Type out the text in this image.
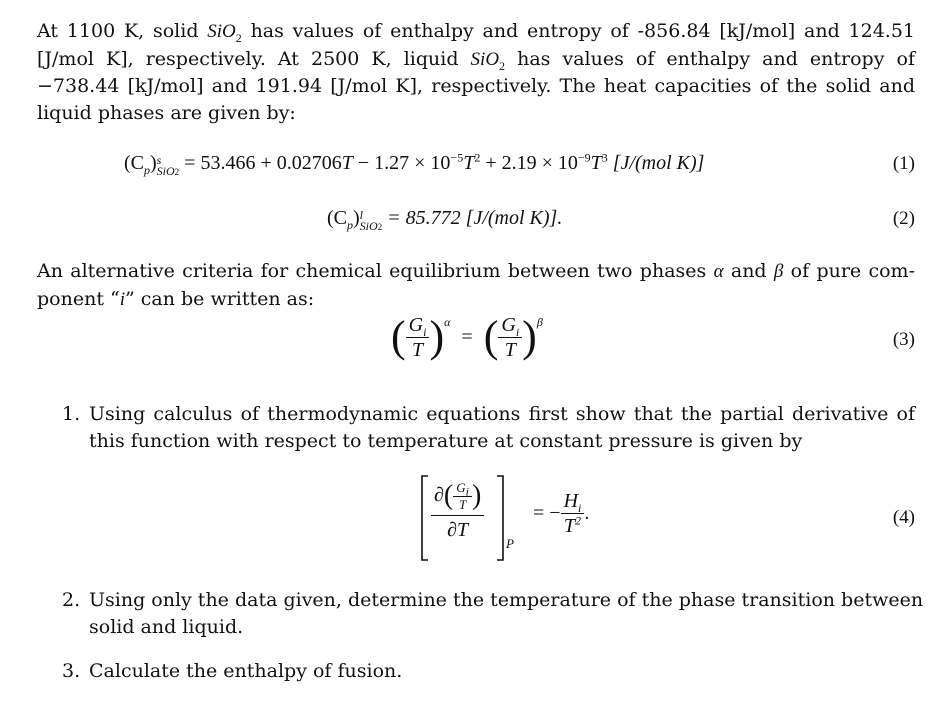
At 1100 K, solid SiO$_2$ has values of enthalpy and entropy of -856.84 [kJ/mol] and 124.51
[J/mol K], respectively. At 2500 K, liquid SiO$_2$ has values of enthalpy and entropy of
−738.44 [kJ/mol] and 191.94 [J/mol K], respectively. The heat capacities of the solid and
liquid phases are given by:
$(C_p)$ s
$SiO2 = 53.466 + 0.02706T - 1.27 \times 10^{-5}T^2 + 2.19 \times 10^{-9}T^3$ [J/(mol K)]	(1)
$(C_p)$ l
SiO2 = 85.772 [J/(mol K)].	(2)
An alternative criteria for chemical equilibrium between two phases α and β of pure com-
ponent “i” can be written as:
( $\frac{G_i}{T} )^\alpha$ = ( $\frac{G_i}{T} )^\beta$
(3)
1. Using calculus of thermodynamic equations first show that the partial derivative of
this function with respect to temperature at constant pressure is given by
2. Using only the data given, determine the temperature of the phase transition between
solid and liquid.
3. Calculate the enthalpy of fusion.
$\frac{\partial( \frac{G_i}{T} )}{\partial T}$
P
= − $\frac{H_i}{T^2}$ .	(4)
